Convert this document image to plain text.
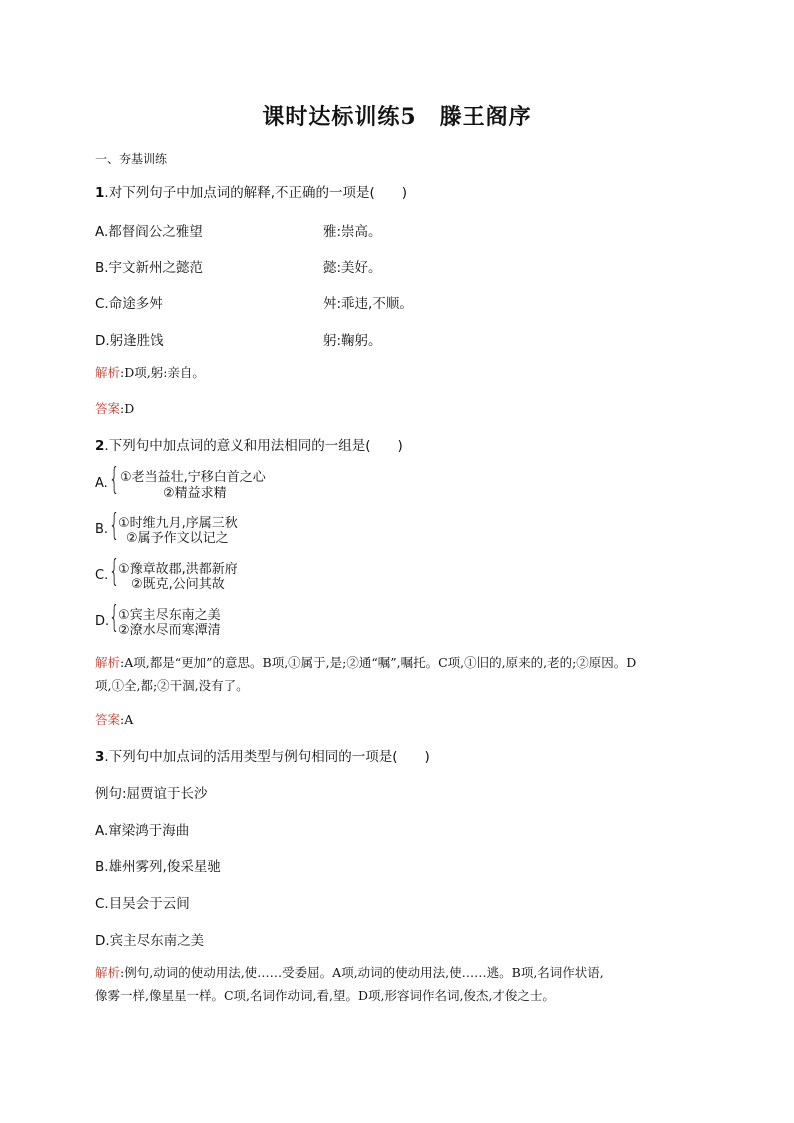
课时达标训练5　滕王阁序
一、夯基训练
1.对下列句子中加点词的解释,不正确的一项是(　　)
A.都督阎公之雅望	雅:崇高。
B.宇文新州之懿范	懿:美好。
C.命途多舛	舛:乖违,不顺。
D.躬逢胜饯	躬:鞠躬。
解析:D项,躬:亲自。
答案:D
2.下列句中加点词的意义和用法相同的一组是(　　)
A. { ①老当益壮,宁移白首之心
②精益求精
B. {
①时维九月,序属三秋
②属予作文以记之
C. {
①豫章故郡,洪都新府
②既克,公问其故
D. {
①宾主尽东南之美
②潦水尽而寒潭清
解析:A项,都是“更加”的意思。B项,①属于,是;②通“嘱”,嘱托。C项,①旧的,原来的,老的;②原因。D
项,①全,都;②干涸,没有了。
答案:A
3.下列句中加点词的活用类型与例句相同的一项是(　　)
例句:屈贾谊于长沙
A.窜梁鸿于海曲
B.雄州雾列,俊采星驰
C.目吴会于云间
D.宾主尽东南之美
解析:例句,动词的使动用法,使……受委屈。A项,动词的使动用法,使……逃。B项,名词作状语,
像雾一样,像星星一样。C项,名词作动词,看,望。D项,形容词作名词,俊杰,才俊之士。
